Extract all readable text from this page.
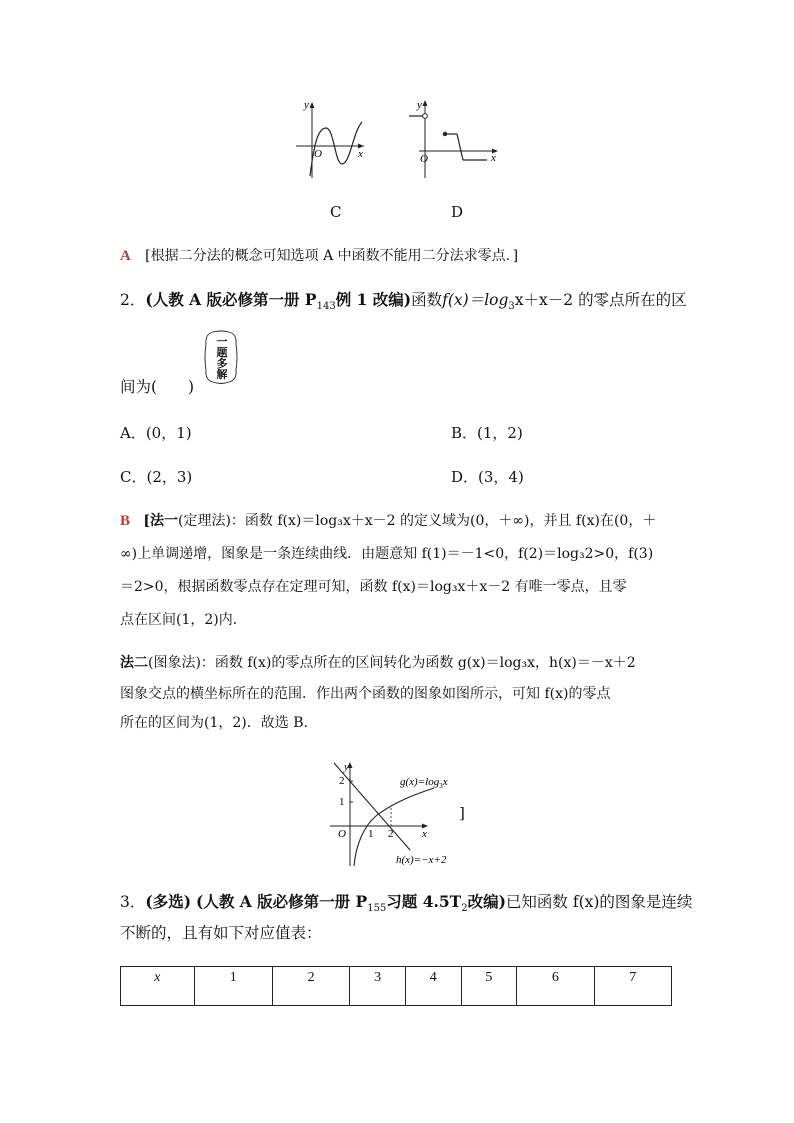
y
x
O
y
x
O
C	D
A [根据二分法的概念可知选项 A 中函数不能用二分法求零点．]
2．(人教 A 版必修第一册 $P_{143}$例 1 改编)函数$f(x)=\log_3x+x-2$ 的零点所在的区
一
题
多
解
间为(　　)
A．(0，1)	B．(1，2)
C．(2，3)	D．(3，4)
B [法一(定理法)：函数 f(x)＝log₃x＋x－2 的定义域为(0，＋∞)，并且 f(x)在(0，＋
∞)上单调递增，图象是一条连续曲线．由题意知 f(1)＝－1<0，f(2)＝log₃2>0，f(3)
＝2>0，根据函数零点存在定理可知，函数 f(x)＝log₃x＋x－2 有唯一零点，且零
点在区间(1，2)内．
法二(图象法)：函数 f(x)的零点所在的区间转化为函数 g(x)＝log₃x，h(x)＝－x＋2
图象交点的横坐标所在的范围．作出两个函数的图象如图所示，可知 f(x)的零点
所在的区间为(1，2)．故选 B.
y
x
O
2
1
1 2
$g(x)=\log_3x$
h(x)=−x+2
]
3．(多选) (人教 A 版必修第一册 $P_{155}$习题 $4.5T_2$改编)已知函数 f(x)的图象是连续
不断的，且有如下对应值表：
x	1	2	3	4	5	6	7
